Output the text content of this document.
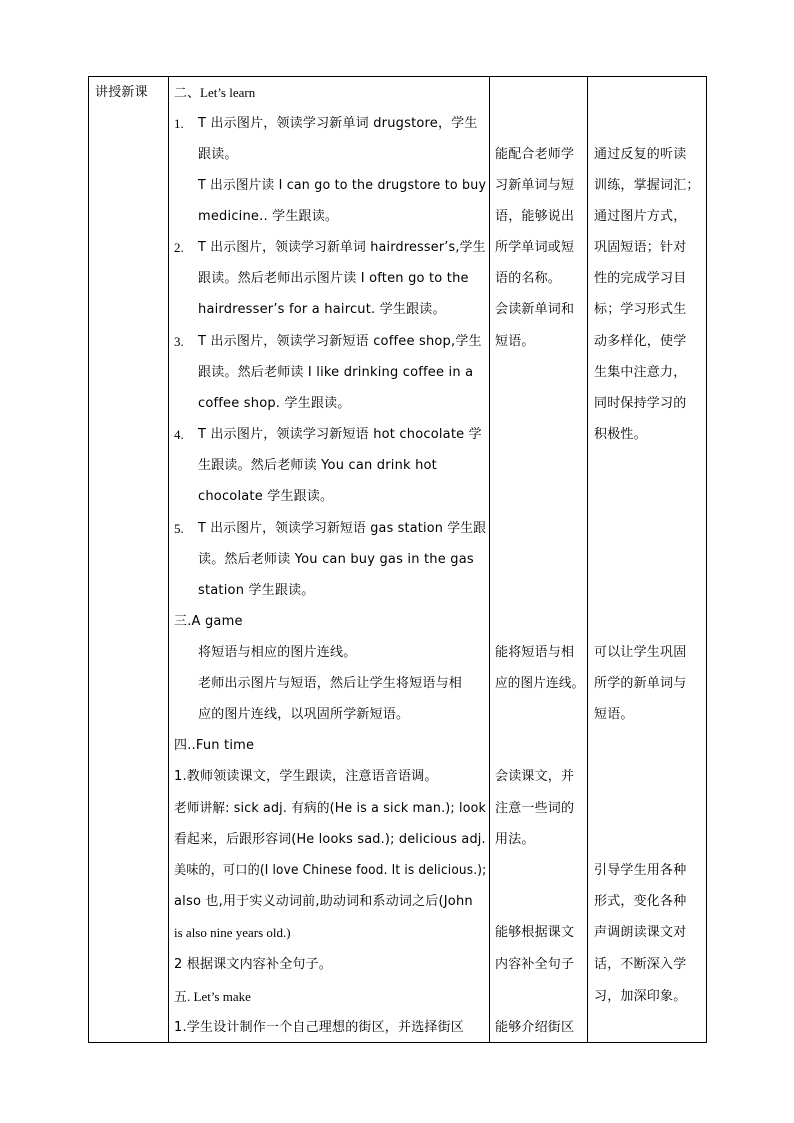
讲授新课 二、Let’s learn
1. T 出示图片，领读学习新单词 drugstore，学生
跟读。
T 出示图片读 I can go to the drugstore to buy
medicine.. 学生跟读。
2. T 出示图片，领读学习新单词 hairdresser’s,学生
跟读。然后老师出示图片读 I often go to the
hairdresser’s for a haircut. 学生跟读。
3. T 出示图片，领读学习新短语 coffee shop,学生
跟读。然后老师读 I like drinking coffee in a
coffee shop. 学生跟读。
4. T 出示图片，领读学习新短语 hot chocolate 学
生跟读。然后老师读 You can drink hot
chocolate 学生跟读。
5. T 出示图片，领读学习新短语 gas station 学生跟
读。然后老师读 You can buy gas in the gas
station 学生跟读。
三.A game
将短语与相应的图片连线。
老师出示图片与短语，然后让学生将短语与相
应的图片连线，以巩固所学新短语。
四..Fun time
1.教师领读课文，学生跟读，注意语音语调。
老师讲解: sick adj. 有病的(He is a sick man.); look
看起来，后跟形容词(He looks sad.); delicious adj.
美味的，可口的(I love Chinese food. It is delicious.);
also 也,用于实义动词前,助动词和系动词之后(John
is also nine years old.)
2 根据课文内容补全句子。
五. Let’s make
1.学生设计制作一个自己理想的街区，并选择街区
能配合老师学
习新单词与短
语，能够说出
所学单词或短
语的名称。
会读新单词和
短语。
能将短语与相
应的图片连线。
会读课文，并
注意一些词的
用法。
能够根据课文
内容补全句子
能够介绍街区
通过反复的听读
训练，掌握词汇；
通过图片方式，
巩固短语；针对
性的完成学习目
标；学习形式生
动多样化，使学
生集中注意力，
同时保持学习的
积极性。
可以让学生巩固
所学的新单词与
短语。
引导学生用各种
形式，变化各种
声调朗读课文对
话，不断深入学
习，加深印象。
